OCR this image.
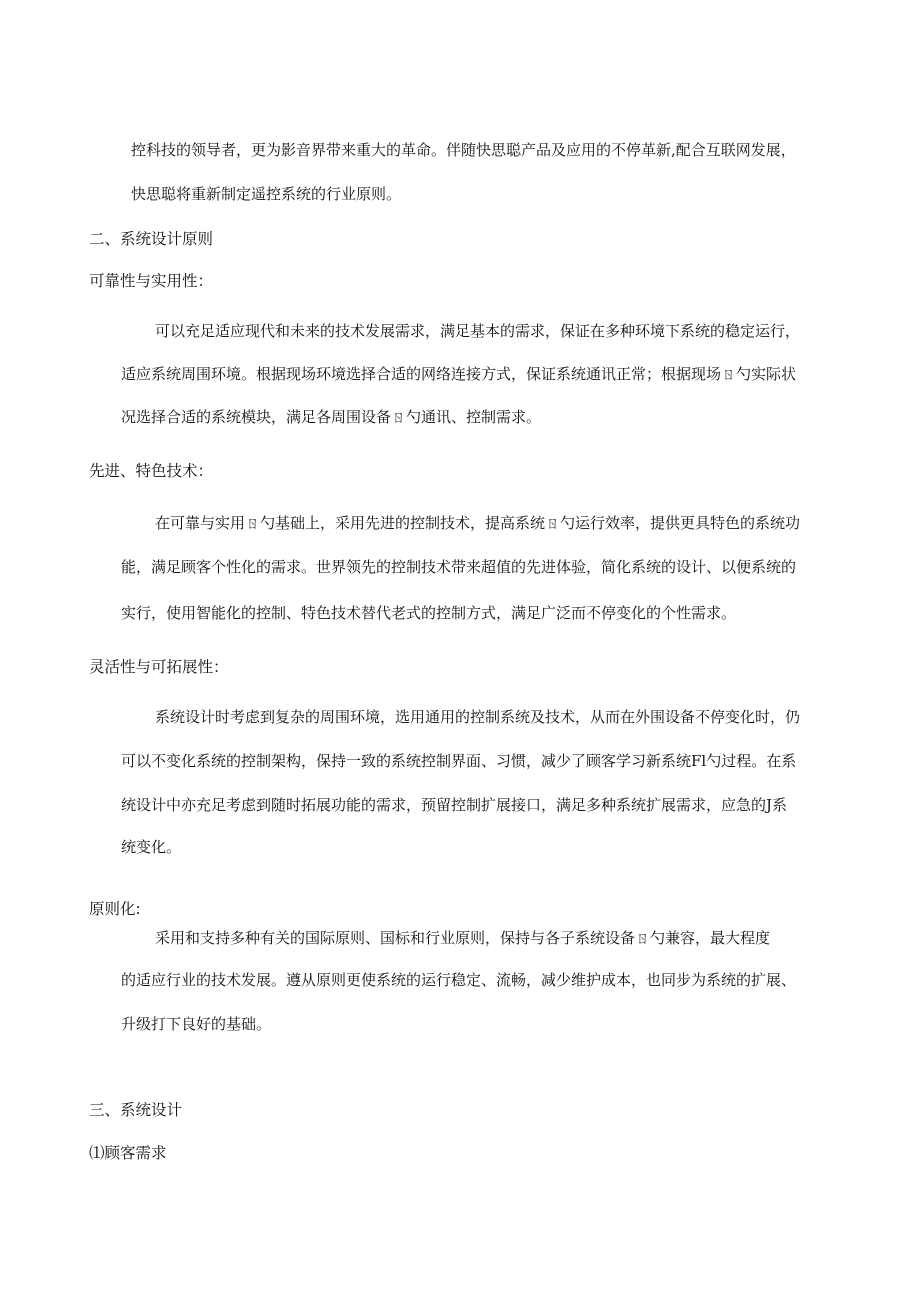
控科技的领导者，更为影音界带来重大的革命。伴随快思聪产品及应用的不停革新,配合互联网发展，
快思聪将重新制定遥控系统的行业原则。
二、系统设计原则
可靠性与实用性：
可以充足适应现代和未来的技术发展需求，满足基本的需求，保证在多种环境下系统的稳定运行，
适应系统周围环境。根据现场环境选择合适的网络连接方式，保证系统通讯正常；根据现场ㄖ勺实际状
况选择合适的系统模块，满足各周围设备ㄖ勺通讯、控制需求。
先进、特色技术：
在可靠与实用ㄖ勺基础上，采用先进的控制技术，提高系统ㄖ勺运行效率，提供更具特色的系统功
能，满足顾客个性化的需求。世界领先的控制技术带来超值的先进体验，简化系统的设计、以便系统的
实行，使用智能化的控制、特色技术替代老式的控制方式，满足广泛而不停变化的个性需求。
灵活性与可拓展性：
系统设计时考虑到复杂的周围环境，选用通用的控制系统及技术，从而在外围设备不停变化时，仍
可以不变化系统的控制架构，保持一致的系统控制界面、习惯，减少了顾客学习新系统Fl勺过程。在系
统设计中亦充足考虑到随时拓展功能的需求，预留控制扩展接口，满足多种系统扩展需求，应急的J系
统变化。
原则化:
采用和支持多种有关的国际原则、国标和行业原则，保持与各子系统设备ㄖ勺兼容，最大程度
的适应行业的技术发展。遵从原则更使系统的运行稳定、流畅，减少维护成本，也同步为系统的扩展、
升级打下良好的基础。
三、系统设计
⑴顾客需求
